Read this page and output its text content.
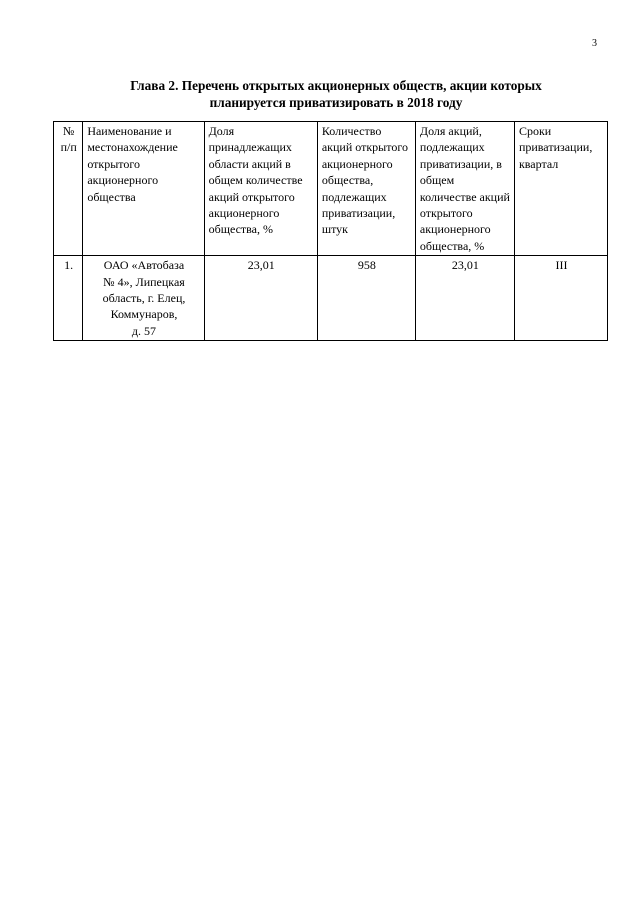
3
Глава 2. Перечень открытых акционерных обществ, акции которых
планируется приватизировать в 2018 году
№ п/п	Наименование и местонахождение открытого акционерного общества	Доля принадлежащих области акций в общем количестве акций открытого акционерного общества, %	Количество акций открытого акционерного общества, подлежащих приватизации, штук	Доля акций, подлежащих приватизации, в общем количестве акций открытого акционерного общества, %	Сроки приватизации, квартал
1.	ОАО «Автобаза
№ 4», Липецкая
область, г. Елец,
Коммунаров,
д. 57	23,01	958	23,01	III
